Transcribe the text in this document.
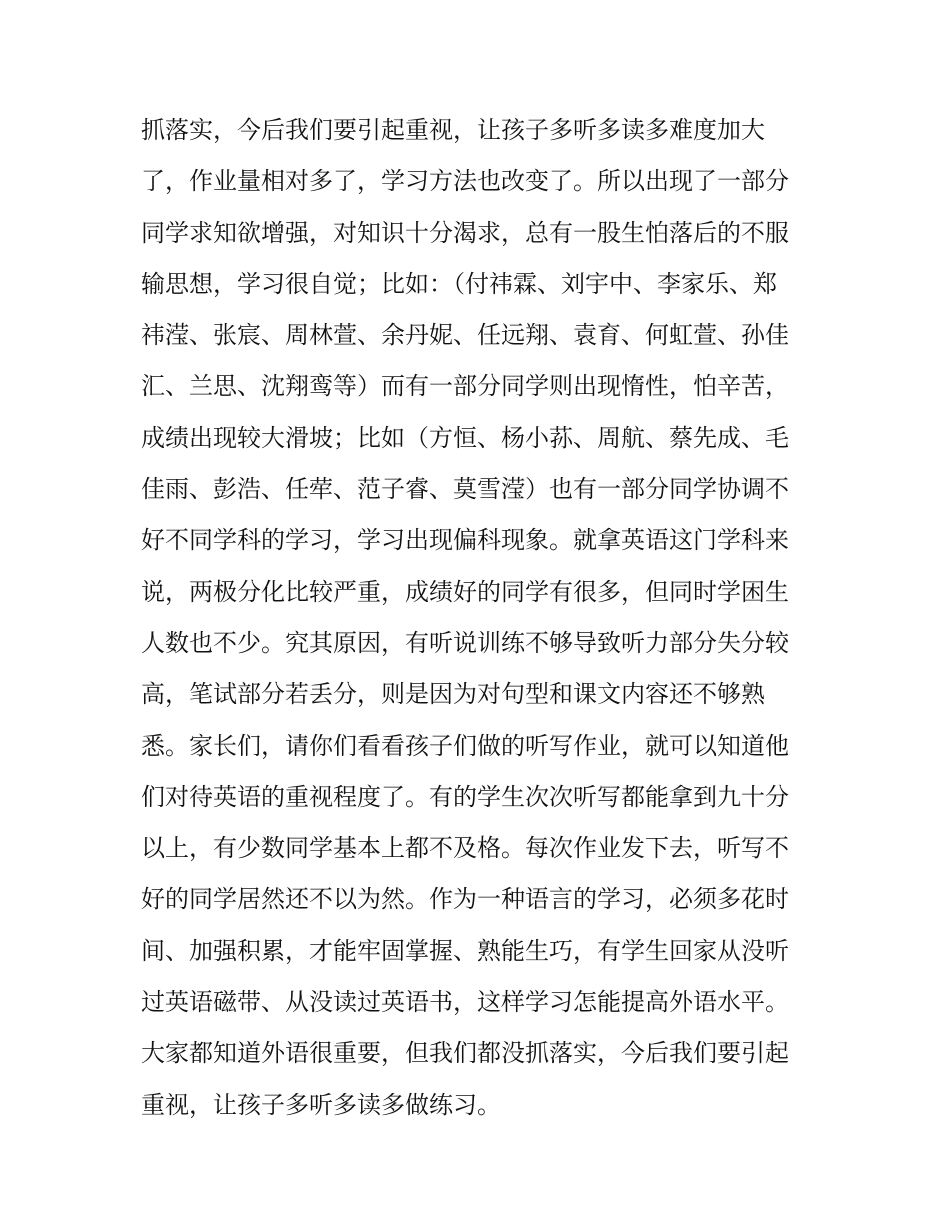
抓落实，今后我们要引起重视，让孩子多听多读多难度加大
了，作业量相对多了，学习方法也改变了。所以出现了一部分
同学求知欲增强，对知识十分渴求，总有一股生怕落后的不服
输思想，学习很自觉；比如：（付祎霖、刘宇中、李家乐、郑
祎滢、张宸、周林萱、余丹妮、任远翔、袁育、何虹萱、孙佳
汇、兰思、沈翔鸾等）而有一部分同学则出现惰性，怕辛苦，
成绩出现较大滑坡；比如（方恒、杨小荪、周航、蔡先成、毛
佳雨、彭浩、任荦、范子睿、莫雪滢）也有一部分同学协调不
好不同学科的学习，学习出现偏科现象。就拿英语这门学科来
说，两极分化比较严重，成绩好的同学有很多，但同时学困生
人数也不少。究其原因，有听说训练不够导致听力部分失分较
高，笔试部分若丢分，则是因为对句型和课文内容还不够熟
悉。家长们，请你们看看孩子们做的听写作业，就可以知道他
们对待英语的重视程度了。有的学生次次听写都能拿到九十分
以上，有少数同学基本上都不及格。每次作业发下去，听写不
好的同学居然还不以为然。作为一种语言的学习，必须多花时
间、加强积累，才能牢固掌握、熟能生巧，有学生回家从没听
过英语磁带、从没读过英语书，这样学习怎能提高外语水平。
大家都知道外语很重要，但我们都没抓落实，今后我们要引起
重视，让孩子多听多读多做练习。
